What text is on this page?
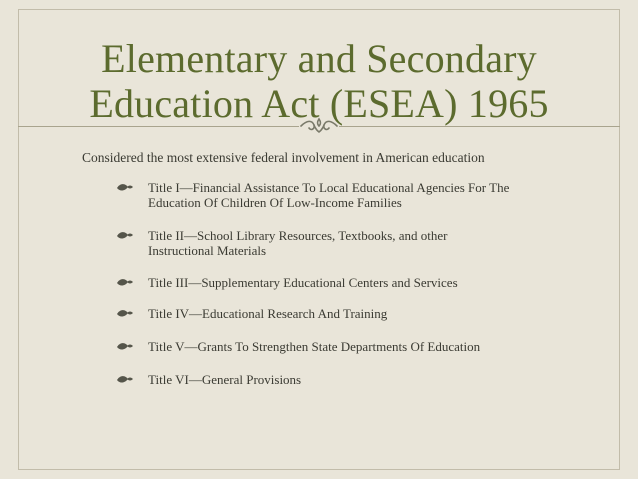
Elementary and Secondary
Education Act (ESEA) 1965
Considered the most extensive federal involvement in American education
Title I—Financial Assistance To Local Educational Agencies For The
Education Of Children Of Low-Income Families
Title II—School Library Resources, Textbooks, and other
Instructional Materials
Title III—Supplementary Educational Centers and Services
Title IV—Educational Research And Training
Title V—Grants To Strengthen State Departments Of Education
Title VI—General Provisions
